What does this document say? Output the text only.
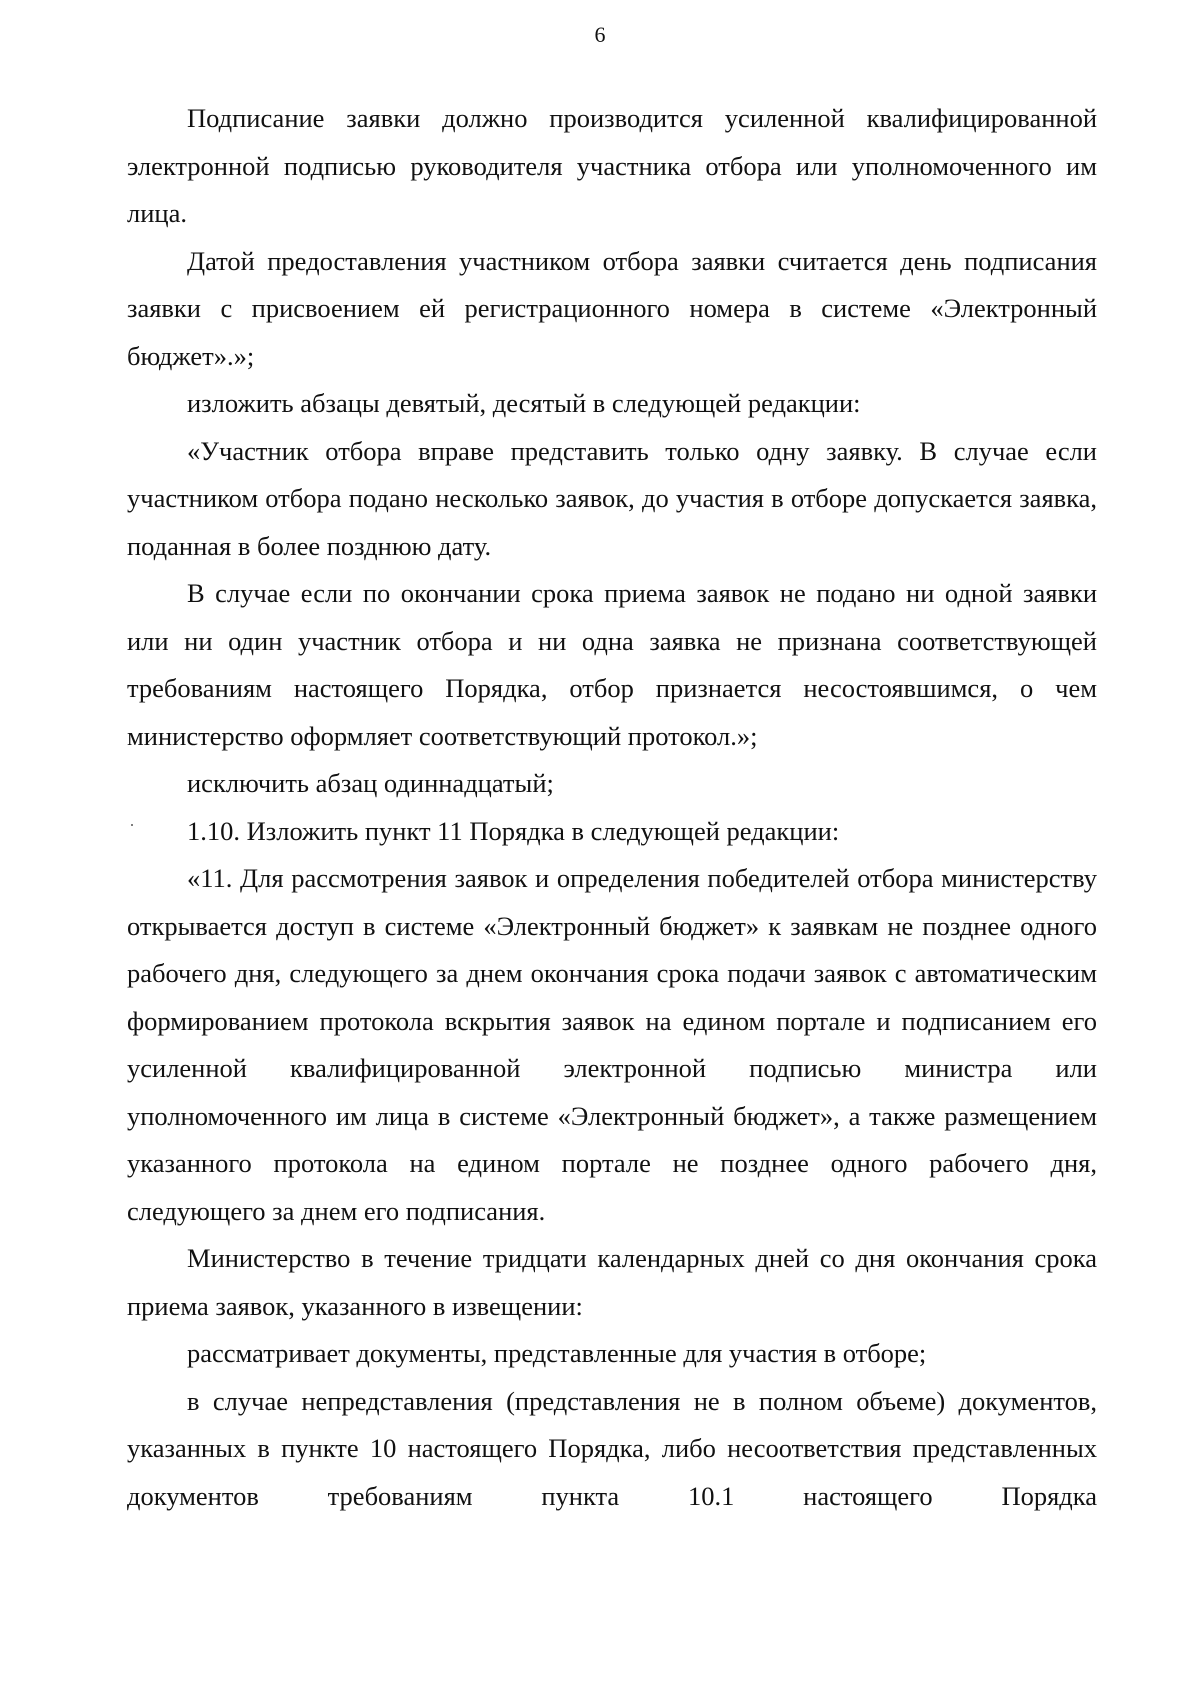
6

Подписание заявки должно производится усиленной квалифицированной электронной подписью руководителя участника отбора или уполномоченного им лица.

Датой предоставления участником отбора заявки считается день подписания заявки с присвоением ей регистрационного номера в системе «Электронный бюджет».»;

изложить абзацы девятый, десятый в следующей редакции:

«Участник отбора вправе представить только одну заявку. В случае если участником отбора подано несколько заявок, до участия в отборе допускается заявка, поданная в более позднюю дату.

В случае если по окончании срока приема заявок не подано ни одной заявки или ни один участник отбора и ни одна заявка не признана соответствующей требованиям настоящего Порядка, отбор признается несостоявшимся, о чем министерство оформляет соответствующий протокол.»;

исключить абзац одиннадцатый;

1.10. Изложить пункт 11 Порядка в следующей редакции:

«11. Для рассмотрения заявок и определения победителей отбора министерству открывается доступ в системе «Электронный бюджет» к заявкам не позднее одного рабочего дня, следующего за днем окончания срока подачи заявок с автоматическим формированием протокола вскрытия заявок на едином портале и подписанием его усиленной квалифицированной электронной подписью министра или уполномоченного им лица в системе «Электронный бюджет», а также размещением указанного протокола на едином портале не позднее одного рабочего дня, следующего за днем его подписания.

Министерство в течение тридцати календарных дней со дня окончания срока приема заявок, указанного в извещении:

рассматривает документы, представленные для участия в отборе;

в случае непредставления (представления не в полном объеме) документов, указанных в пункте 10 настоящего Порядка, либо несоответствия представленных документов требованиям пункта 10.1 настоящего Порядка
